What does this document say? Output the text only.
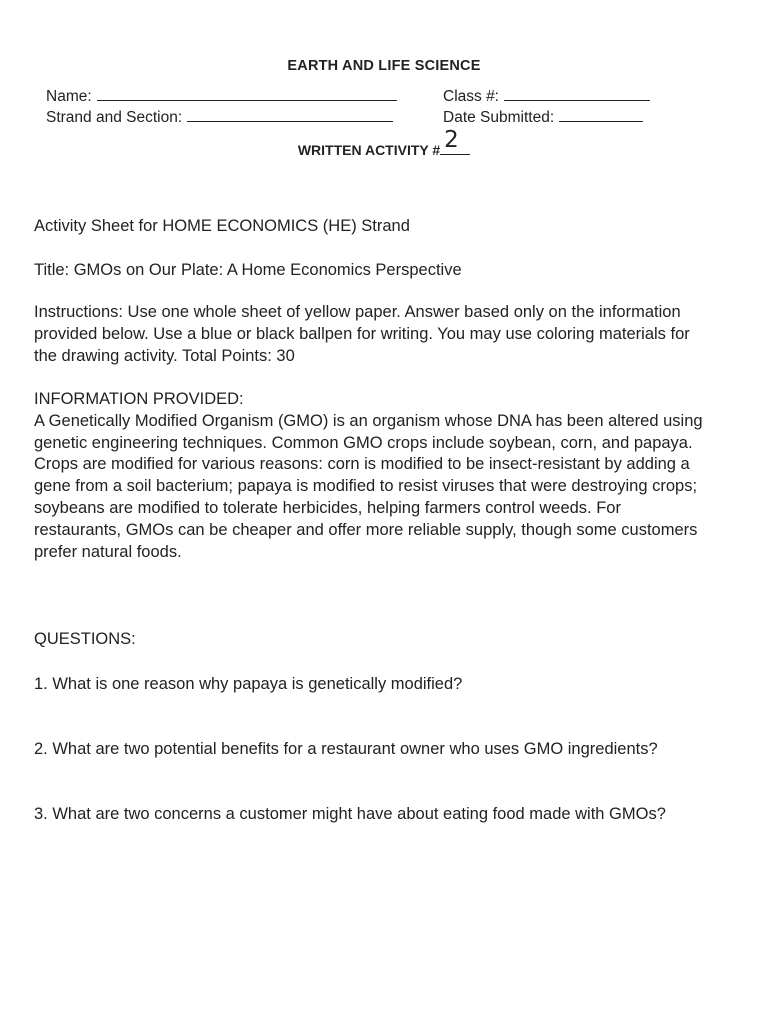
EARTH AND LIFE SCIENCE
Name:	Class #:
Strand and Section:	Date Submitted:
WRITTEN ACTIVITY # 2
Activity Sheet for HOME ECONOMICS (HE) Strand
Title: GMOs on Our Plate: A Home Economics Perspective
Instructions: Use one whole sheet of yellow paper. Answer based only on the information
provided below. Use a blue or black ballpen for writing. You may use coloring materials for
the drawing activity. Total Points: 30
INFORMATION PROVIDED:
A Genetically Modified Organism (GMO) is an organism whose DNA has been altered using
genetic engineering techniques. Common GMO crops include soybean, corn, and papaya.
Crops are modified for various reasons: corn is modified to be insect-resistant by adding a
gene from a soil bacterium; papaya is modified to resist viruses that were destroying crops;
soybeans are modified to tolerate herbicides, helping farmers control weeds. For
restaurants, GMOs can be cheaper and offer more reliable supply, though some customers
prefer natural foods.
QUESTIONS:
1. What is one reason why papaya is genetically modified?
2. What are two potential benefits for a restaurant owner who uses GMO ingredients?
3. What are two concerns a customer might have about eating food made with GMOs?
